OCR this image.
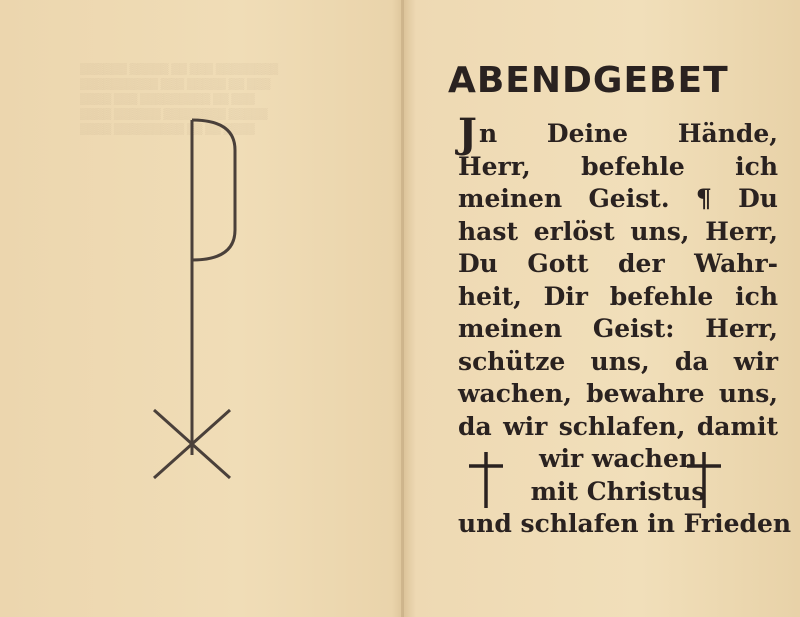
▒▒▒▒▒▒ ▒▒▒▒▒ ▒▒ ▒▒▒ ▒▒▒▒▒▒▒▒
▒▒▒▒▒▒▒▒▒▒ ▒▒▒ ▒▒▒▒▒ ▒▒ ▒▒▒
▒▒▒▒ ▒▒▒ ▒▒▒▒▒▒▒▒▒ ▒▒ ▒▒▒
▒▒▒▒ ▒▒▒▒▒▒ ▒▒▒▒▒▒▒▒ ▒▒▒▒▒
▒▒▒▒ ▒▒▒▒▒▒▒▒▒ ▒▒ ▒▒ ▒▒▒▒
ABENDGEBET
Jn Deine Hände,
Herr, befehle ich
meinen Geist. ¶ Du
hast erlöst uns, Herr,
Du Gott der Wahr-
heit, Dir befehle ich
meinen Geist: Herr,
schütze uns, da wir
wachen, bewahre uns,
da wir schlafen, damit
wir wachen
mit Christus
und schlafen in Frieden
